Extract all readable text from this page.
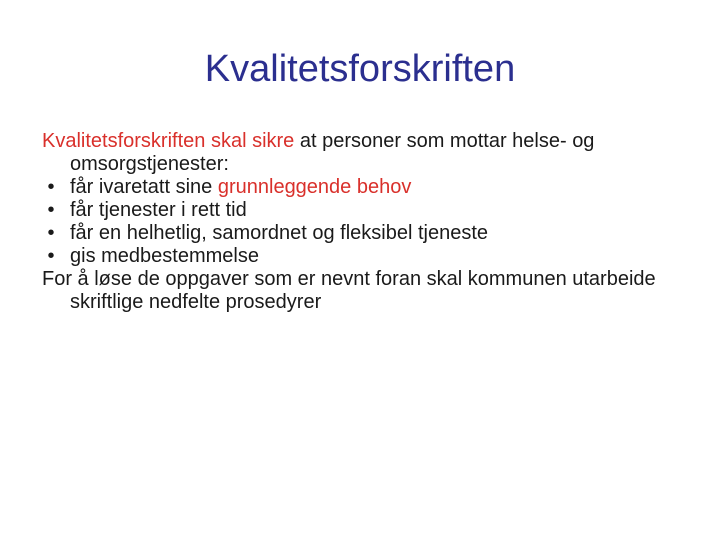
Kvalitetsforskriften

Kvalitetsforskriften skal sikre at personer som mottar helse- og omsorgstjenester:

• får ivaretatt sine grunnleggende behov
• får tjenester i rett tid
• får en helhetlig, samordnet og fleksibel tjeneste
• gis medbestemmelse

For å løse de oppgaver som er nevnt foran skal kommunen utarbeide skriftlige nedfelte prosedyrer
